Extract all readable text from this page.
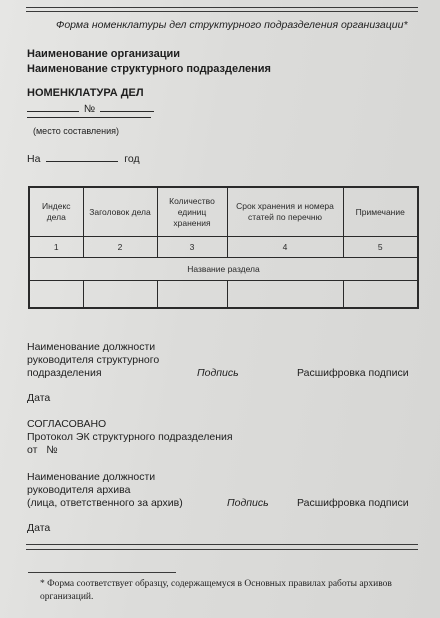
Форма номенклатуры дел структурного подразделения организации*
Наименование организации
Наименование структурного подразделения
НОМЕНКЛАТУРА ДЕЛ
№
(место составления)
На	год
Индекс дела	Заголовок дела	Количество единиц хранения	Срок хранения и номера статей по перечню	Примечание
1	2	3	4	5
Название раздела				

Наименование должности
руководителя структурного
подразделения	Подпись	Расшифровка подписи
Дата
СОГЛАСОВАНО
Протокол ЭК структурного подразделения
от №
Наименование должности
руководителя архива
(лица, ответственного за архив)	Подпись	Расшифровка подписи
Дата
* Форма соответствует образцу, содержащемуся в Основных правилах работы архивов организаций.
